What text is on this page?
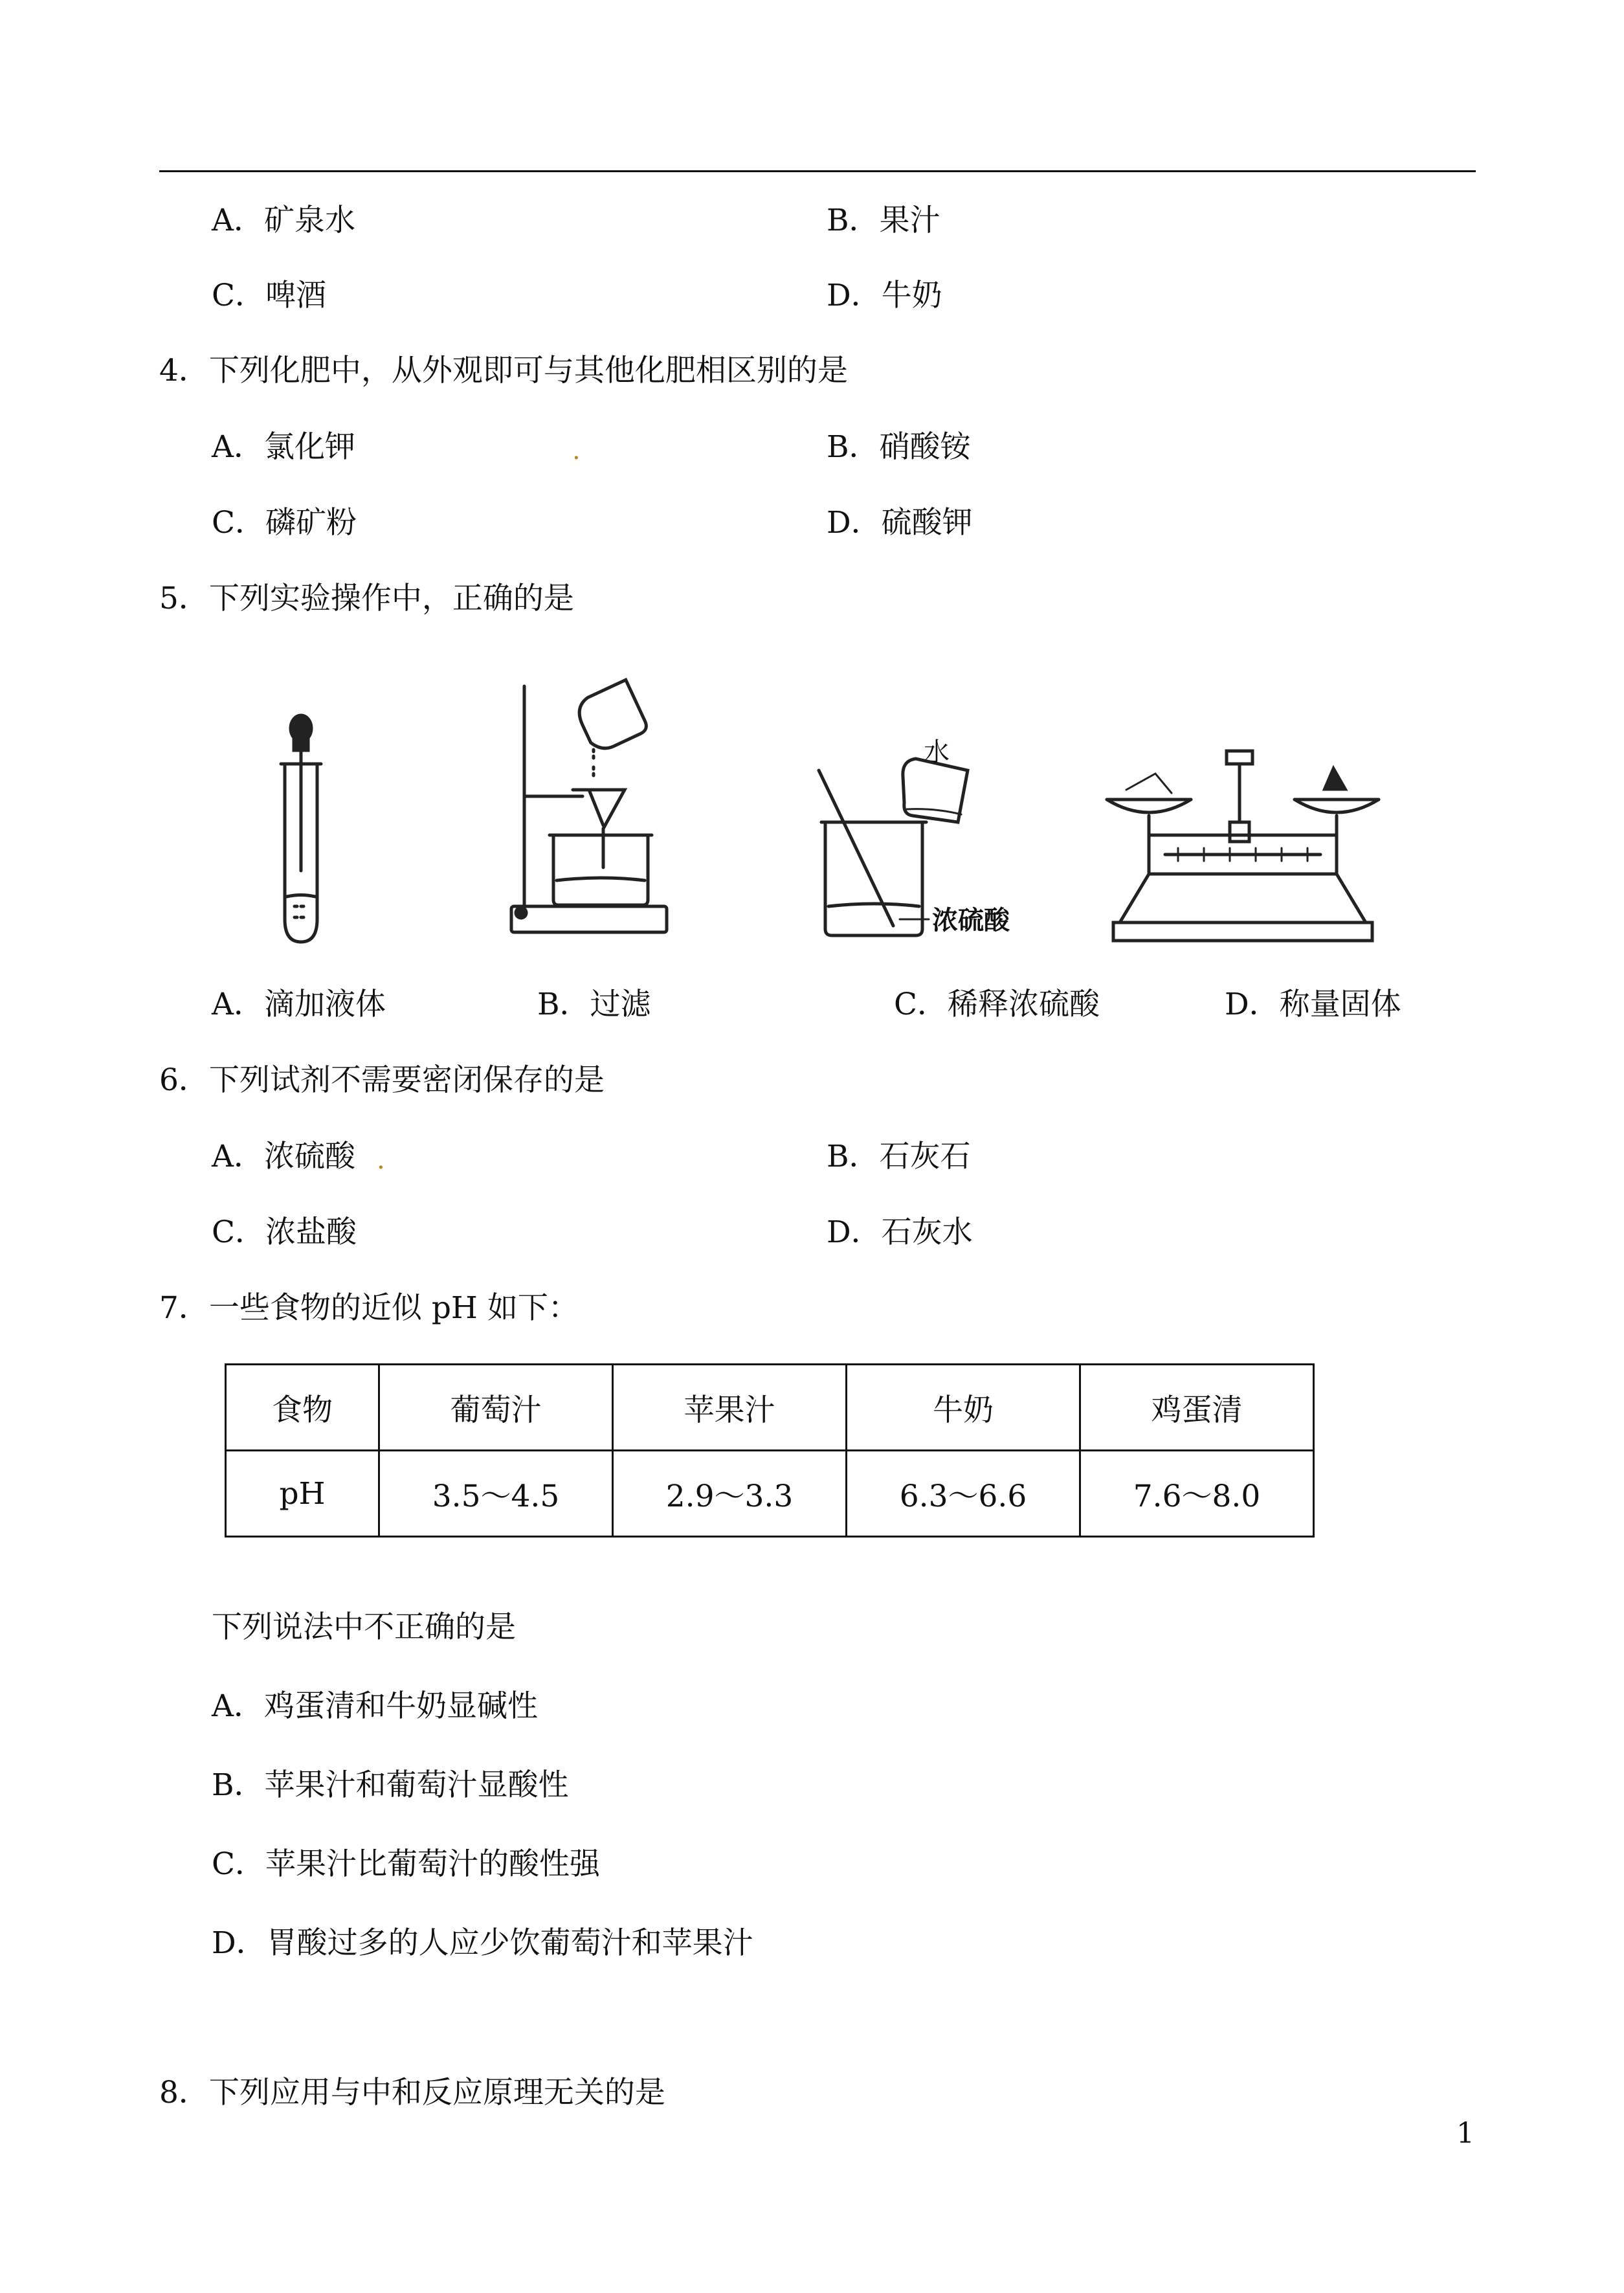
A．矿泉水	B．果汁
C．啤酒	D．牛奶
4．下列化肥中，从外观即可与其他化肥相区别的是
A．氯化钾	.	B．硝酸铵
C．磷矿粉	D．硫酸钾
5．下列实验操作中，正确的是
水
浓硫酸
A．滴加液体	B．过滤	C．稀释浓硫酸	D．称量固体
6．下列试剂不需要密闭保存的是
A．浓硫酸 .	B．石灰石
C．浓盐酸	D．石灰水
7．一些食物的近似 pH 如下：
食物	葡萄汁	苹果汁	牛奶	鸡蛋清
pH	3.5～4.5	2.9～3.3	6.3～6.6	7.6～8.0
下列说法中不正确的是
A．鸡蛋清和牛奶显碱性
B．苹果汁和葡萄汁显酸性
C．苹果汁比葡萄汁的酸性强
D．胃酸过多的人应少饮葡萄汁和苹果汁
8．下列应用与中和反应原理无关的是
1
